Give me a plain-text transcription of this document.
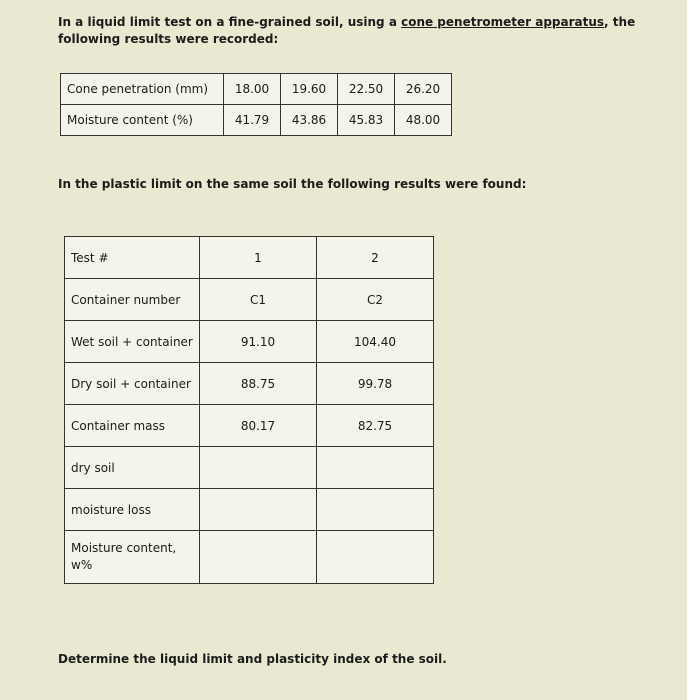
In a liquid limit test on a fine-grained soil, using a cone penetrometer apparatus, the following results were recorded:
Cone penetration (mm)	18.00	19.60	22.50	26.20
Moisture content (%)	41.79	43.86	45.83	48.00
In the plastic limit on the same soil the following results were found:
Test #	1	2
Container number	C1	C2
Wet soil + container	91.10	104.40
Dry soil + container	88.75	99.78
Container mass	80.17	82.75
dry soil		
moisture loss		

Moisture content, w%		

Determine the liquid limit and plasticity index of the soil.
